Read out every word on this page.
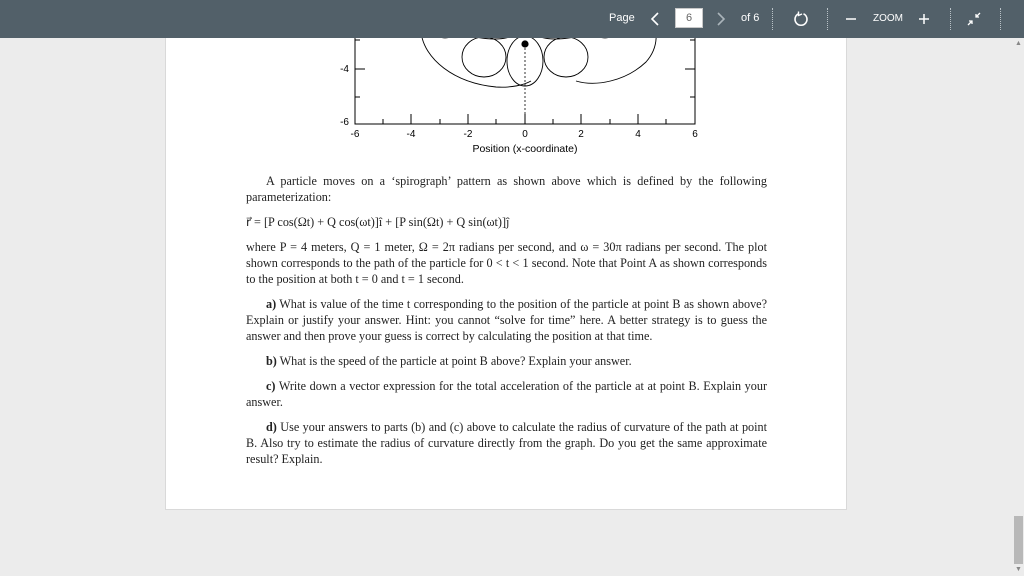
Page
6	of 6	ZOOM
-4
-6
-6	-4	-2	0	2	4	6
Position (x-coordinate)

A particle moves on a ‘spirograph’ pattern as shown above which is defined by the following parameterization:

r⃗ = [P cos(Ωt) + Q cos(ωt)]î + [P sin(Ωt) + Q sin(ωt)]ĵ

where P = 4 meters, Q = 1 meter, Ω = 2π radians per second, and ω = 30π radians per second. The plot shown corresponds to the path of the particle for 0 < t < 1 second. Note that Point A as shown corresponds to the position at both t = 0 and t = 1 second.

a) What is value of the time t corresponding to the position of the particle at point B as shown above? Explain or justify your answer. Hint: you cannot “solve for time” here. A better strategy is to guess the answer and then prove your guess is correct by calculating the position at that time.

b) What is the speed of the particle at point B above? Explain your answer.

c) Write down a vector expression for the total acceleration of the particle at at point B. Explain your answer.

d) Use your answers to parts (b) and (c) above to calculate the radius of curvature of the path at point B. Also try to estimate the radius of curvature directly from the graph. Do you get the same approximate result? Explain.

▲
▼
